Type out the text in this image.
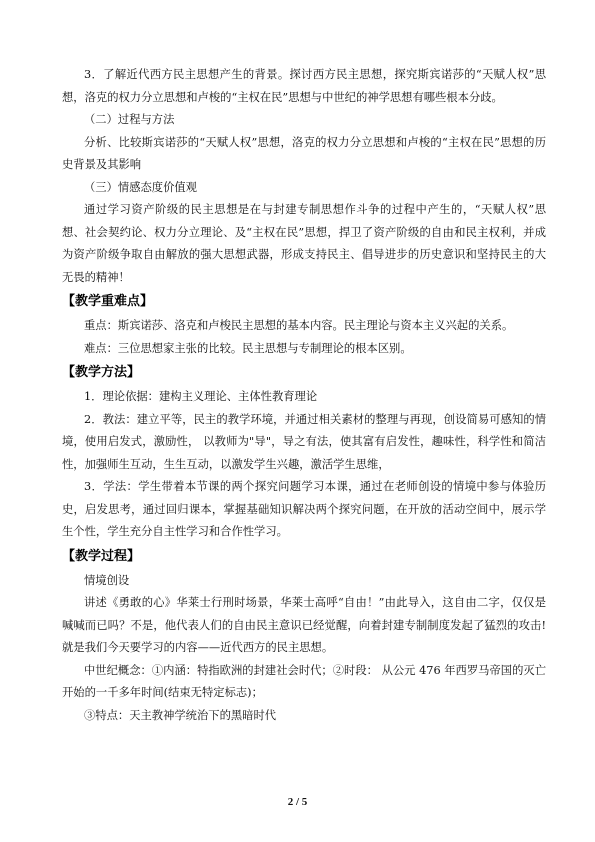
3．了解近代西方民主思想产生的背景。探讨西方民主思想，探究斯宾诺莎的“天赋人权”思想，洛克的权力分立思想和卢梭的“主权在民”思想与中世纪的神学思想有哪些根本分歧。

（二）过程与方法

分析、比较斯宾诺莎的“天赋人权”思想，洛克的权力分立思想和卢梭的“主权在民”思想的历史背景及其影响

（三）情感态度价值观

通过学习资产阶级的民主思想是在与封建专制思想作斗争的过程中产生的，“天赋人权”思想、社会契约论、权力分立理论、及“主权在民”思想，捍卫了资产阶级的自由和民主权利，并成为资产阶级争取自由解放的强大思想武器，形成支持民主、倡导进步的历史意识和坚持民主的大无畏的精神！

【教学重难点】

重点：斯宾诺莎、洛克和卢梭民主思想的基本内容。民主理论与资本主义兴起的关系。

难点：三位思想家主张的比较。民主思想与专制理论的根本区别。

【教学方法】

1．理论依据：建构主义理论、主体性教育理论

2．教法：建立平等，民主的教学环境，并通过相关素材的整理与再现，创设简易可感知的情境，使用启发式，激励性， 以教师为"导"，导之有法，使其富有启发性，趣味性，科学性和简洁性，加强师生互动，生生互动，以激发学生兴趣，激活学生思维，

3．学法：学生带着本节课的两个探究问题学习本课，通过在老师创设的情境中参与体验历史，启发思考，通过回归课本，掌握基础知识解决两个探究问题，在开放的活动空间中，展示学生个性，学生充分自主性学习和合作性学习。

【教学过程】

情境创设

讲述《勇敢的心》华莱士行刑时场景，华莱士高呼“自由！”由此导入，这自由二字，仅仅是喊喊而已吗？不是，他代表人们的自由民主意识已经觉醒，向着封建专制制度发起了猛烈的攻击!就是我们今天要学习的内容——近代西方的民主思想。

中世纪概念：①内涵：特指欧洲的封建社会时代；②时段： 从公元 476 年西罗马帝国的灭亡开始的一千多年时间(结束无特定标志)；

③特点：天主教神学统治下的黑暗时代

2 / 5
